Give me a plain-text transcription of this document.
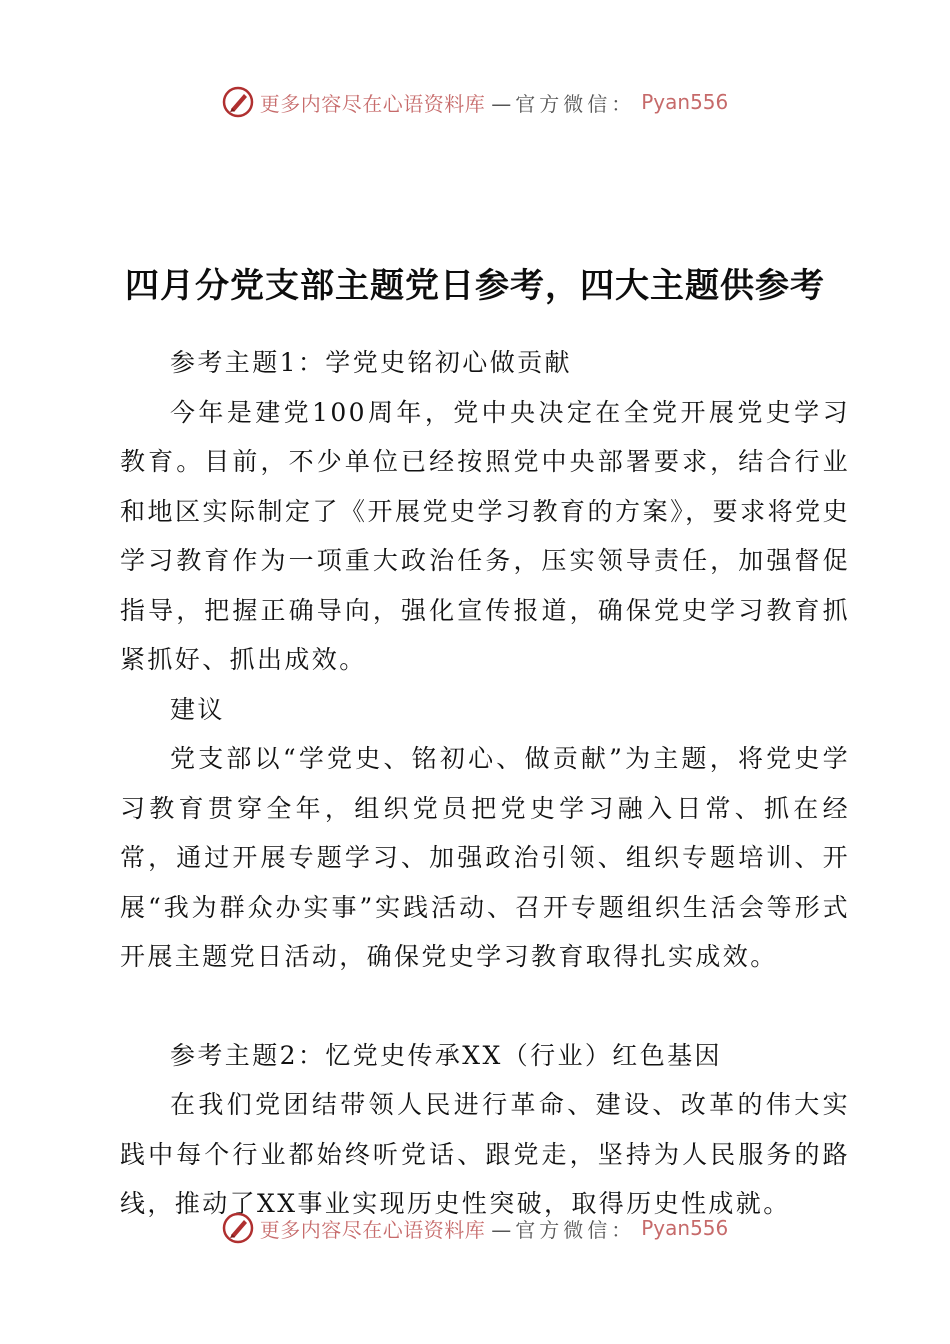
更多内容尽在心语资料库 —官方微信： Pyan556
四月分党支部主题党日参考，四大主题供参考

参考主题1：学党史铭初心做贡献

今年是建党100周年，党中央决定在全党开展党史学习教育。目前，不少单位已经按照党中央部署要求，结合行业和地区实际制定了《开展党史学习教育的方案》，要求将党史学习教育作为一项重大政治任务，压实领导责任，加强督促指导，把握正确导向，强化宣传报道，确保党史学习教育抓紧抓好、抓出成效。

建议

党支部以“学党史、铭初心、做贡献”为主题，将党史学习教育贯穿全年，组织党员把党史学习融入日常、抓在经常，通过开展专题学习、加强政治引领、组织专题培训、开展“我为群众办实事”实践活动、召开专题组织生活会等形式开展主题党日活动，确保党史学习教育取得扎实成效。

参考主题2：忆党史传承XX（行业）红色基因

在我们党团结带领人民进行革命、建设、改革的伟大实践中每个行业都始终听党话、跟党走，坚持为人民服务的路线，推动了XX事业实现历史性突破，取得历史性成就。

更多内容尽在心语资料库 —官方微信： Pyan556
